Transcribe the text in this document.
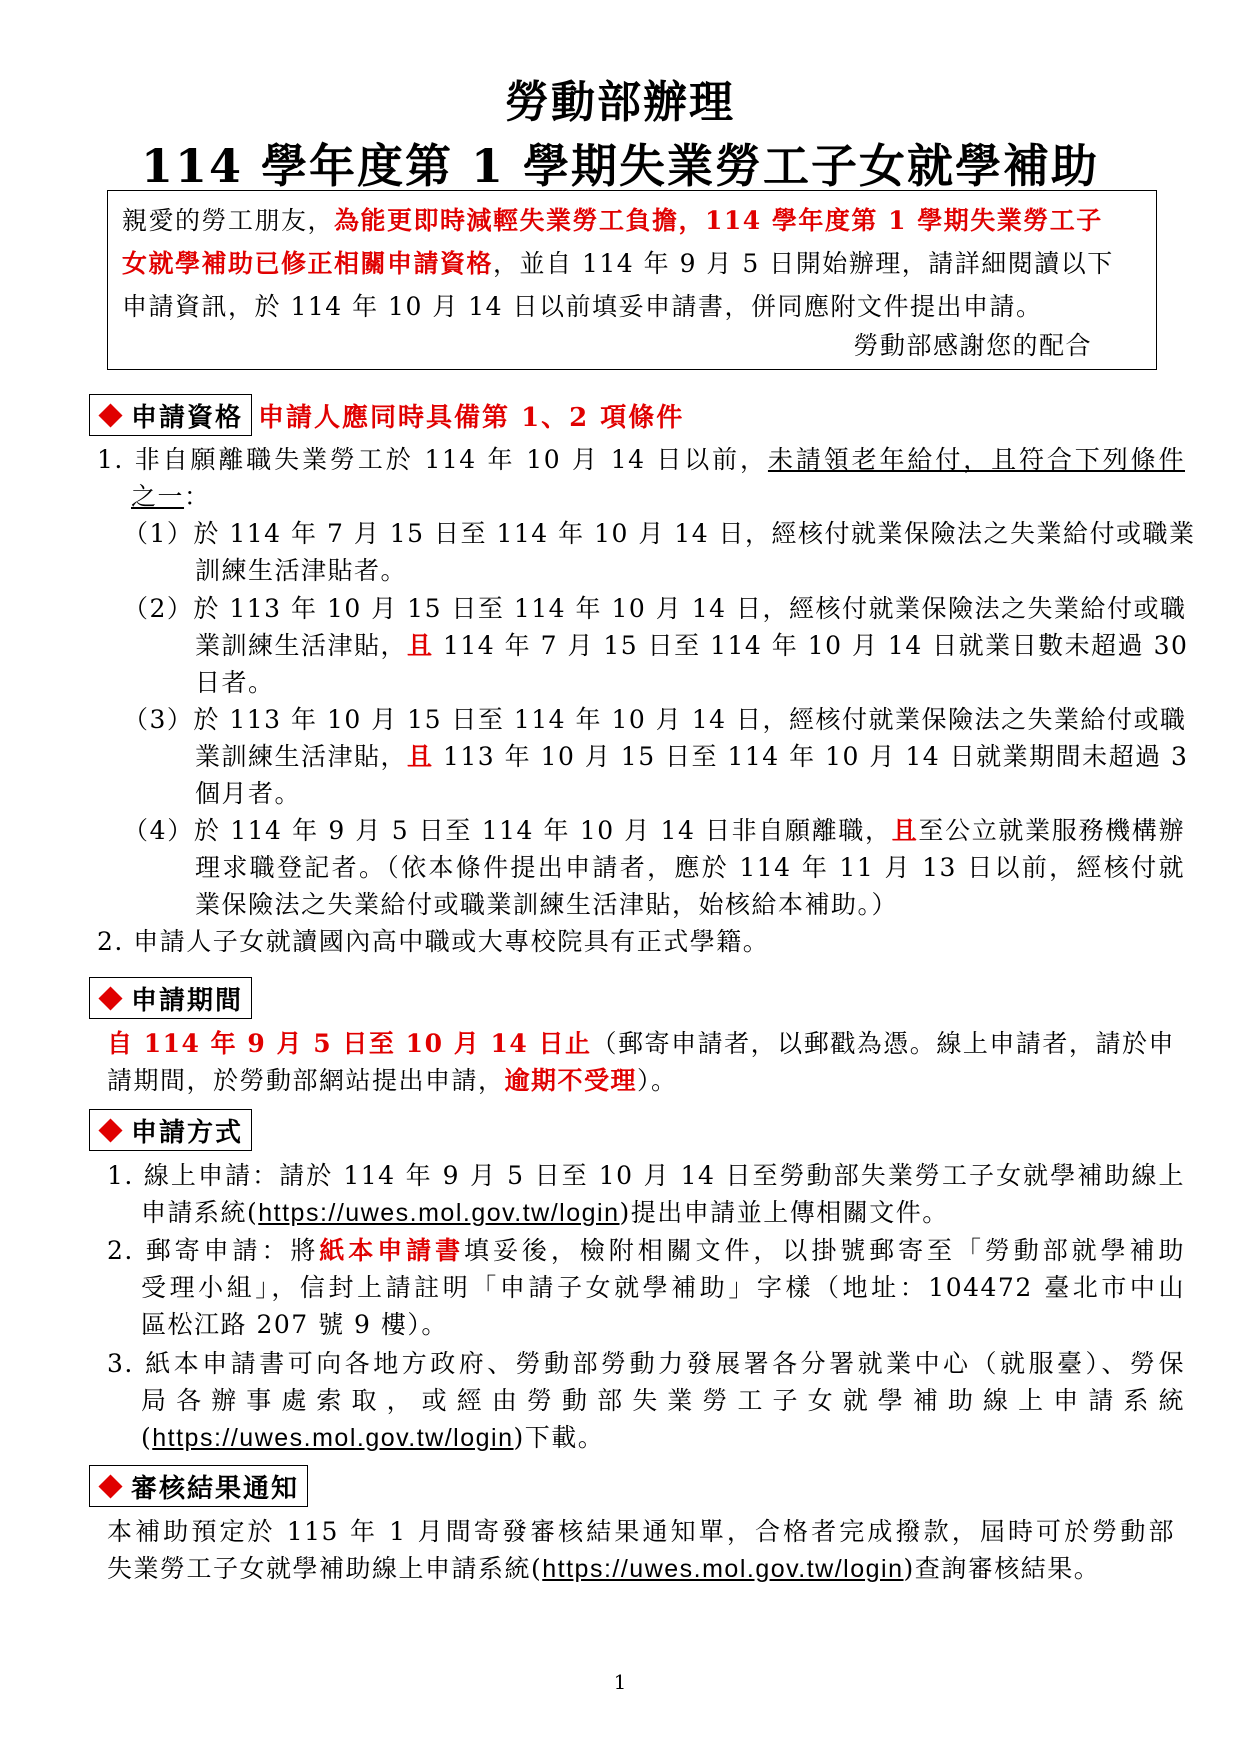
勞動部辦理
114 學年度第 1 學期失業勞工子女就學補助
親愛的勞工朋友，為能更即時減輕失業勞工負擔，114 學年度第 1 學期失業勞工子
女就學補助已修正相關申請資格，並自 114 年 9 月 5 日開始辦理，請詳細閱讀以下
申請資訊，於 114 年 10 月 14 日以前填妥申請書，併同應附文件提出申請。
勞動部感謝您的配合
申請資格 申請人應同時具備第 1、2 項條件
1. 非自願離職失業勞工於 114 年 10 月 14 日以前，未請領老年給付，且符合下列條件
之一：
（1）於 114 年 7 月 15 日至 114 年 10 月 14 日，經核付就業保險法之失業給付或職業
訓練生活津貼者。
（2）於 113 年 10 月 15 日至 114 年 10 月 14 日，經核付就業保險法之失業給付或職
業訓練生活津貼，且 114 年 7 月 15 日至 114 年 10 月 14 日就業日數未超過 30
日者。
（3）於 113 年 10 月 15 日至 114 年 10 月 14 日，經核付就業保險法之失業給付或職
業訓練生活津貼，且 113 年 10 月 15 日至 114 年 10 月 14 日就業期間未超過 3
個月者。
（4）於 114 年 9 月 5 日至 114 年 10 月 14 日非自願離職，且至公立就業服務機構辦
理求職登記者。（依本條件提出申請者，應於 114 年 11 月 13 日以前，經核付就
業保險法之失業給付或職業訓練生活津貼，始核給本補助。）
2. 申請人子女就讀國內高中職或大專校院具有正式學籍。
申請期間
自 114 年 9 月 5 日至 10 月 14 日止（郵寄申請者，以郵戳為憑。線上申請者，請於申
請期間，於勞動部網站提出申請，逾期不受理）。
申請方式
1. 線上申請：請於 114 年 9 月 5 日至 10 月 14 日至勞動部失業勞工子女就學補助線上
申請系統(https://uwes.mol.gov.tw/login)提出申請並上傳相關文件。
2. 郵寄申請：將紙本申請書填妥後，檢附相關文件，以掛號郵寄至「勞動部就學補助
受理小組」，信封上請註明「申請子女就學補助」字樣（地址：104472 臺北市中山
區松江路 207 號 9 樓）。
3. 紙本申請書可向各地方政府、勞動部勞動力發展署各分署就業中心（就服臺）、勞保
局各辦事處索取，或經由勞動部失業勞工子女就學補助線上申請系統
(https://uwes.mol.gov.tw/login)下載。
審核結果通知
本補助預定於 115 年 1 月間寄發審核結果通知單，合格者完成撥款，屆時可於勞動部
失業勞工子女就學補助線上申請系統(https://uwes.mol.gov.tw/login)查詢審核結果。
1
